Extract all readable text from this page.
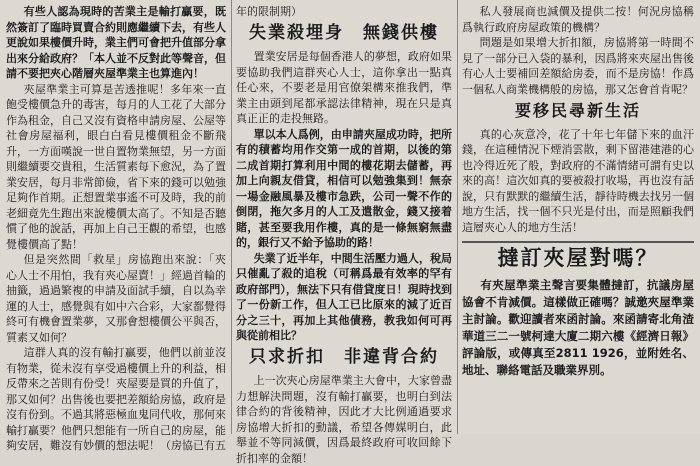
有些人認為現時的苦業主是輸打贏要，既然簽訂了臨時買賣合約則應繼續下去，有些人更說如果樓價升時，業主們可會把升值部分拿出來分給政府？「本人並不反對此等聲音，但請不要把夾心階層夾屋準業主也算進內！

夾屋準業主可算是苦透推呢！多年來一直飽受樓價急升的毒害，每月的人工花了大部分作為租金，自己又沒有資格申請房屋、公屋等社會房屋福利，眼白白看見樓價租金不斷飛升，一方面嘆說一世自置物業無望，另一方面則繼續要交貴租，生活質素每下愈況，為了置業安居，每月非常節儉，省下來的錢可以勉強足夠作首期。正想置業事遙不可及時，我的前老細竟先生跑出來說樓價太高了。不知是否聽慣了他的說話，再加上自己王觀的希望，也感覺樓價高了點！

但是突然間「救星」房協跑出來說：「夾心人士不用怕，我有夾心屋賣！」經過首輪的抽籤，過過繁複的申請及面試手續，自以為幸運的人士，感覺與有如中六合彩，大家都覺得終可有機會置業夢，又那會想樓價公平與否，質素又如何？

這群人真的沒有輸打贏要，他們以前並沒有物業，從未沒有享受過樓價上升的利益，相反帶來之苦則有份受！夾屋要是買的升值了，那又如何？出售後也要把差額給房協，政府是沒有份到。不過其將惡極血鬼同代收，那何來輸打贏要？他們只想能有一所自己的房屋，能夠安居，難沒有妙價的想法呢！（房協已有五

年的限制期）

失業殺埋身　無錢供樓

置業安居是每個香港人的夢想，政府如果要協助我們這群夾心人士，這你拿出一點真任心來，不要老是用官僚架構來推我們，準業主由頭到尾都承認法律精神，現在只是真真正正的走投無路。

單以本人爲例，由申請夾屋成功時，把所有的積蓄均用作交第一成的首期，以後的第二成首期打算利用中間的樓花期去儲蓄，再加上向親友借貸，相信可以勉強集到！無奈一場金融風暴及樓市急跌，公司一聲不作的倒閉，拖欠多月的人工及遣散金，錢又接着賭，甚至要我用作樓，真的是一條無窮無盡的，銀行又不給予協助的路！

失業了近半年，中間生活壓力過人，稅局只催亂了殺的追稅（可稱爲最有效率的罕有政府部門），無法下只有借貸度日！現時找到了一份新工作，但人工已比原來的減了近百分之三十，再加上其他債務，教我如何可再與從前相比？

只求折扣　非違背合約

上一次夾心房屋準業主大會中，大家曾盡力想解決問題，沒有輸打贏要，也明白到法律合約的背後精神，因此才大比例通過要求房協增大折扣的動議，希望各傳媒明白，此舉並不等同減價，因爲最終政府可收回餘下折扣率的金額！

私人發展商也減價及提供二按！何況房協稱爲執行政府房屋政策的機構？

問題是如果增大折扣額，房協將第一時間不見了一部分已入袋的暴利，因爲將來夾屋出售後有心人士要補回差額給房委，而不是房協！作爲一個私人商業機構般的房協，那又怎會首肯呢？

要移民尋新生活

真的心灰意冷，花了十年七年儲下來的血汗錢，在這種情況下煙消雲散，剩下留港建港的心也冷得近死了般，對政府的不滿情緒可謂有史以來的高！這次如真的要被殺打收場，再也沒有話說，只有默默的繼續生活，靜待時機去找另一個地方生活，找一個不只光是付出，而是照顧我們這層夾心人的地方生活！

撻訂夾屋對嗎？

有夾屋準業主聲言要集體撻訂，抗議房屋協會不肯減價。這樣做正確嗎？誠邀夾屋準業主討論。歡迎讀者來函討論。來函請寄北角渣華道三二一號柯達大廈二期六樓《經濟日報》評論版，或傳真至2811 1926，並附姓名、地址、聯絡電話及職業界別。
